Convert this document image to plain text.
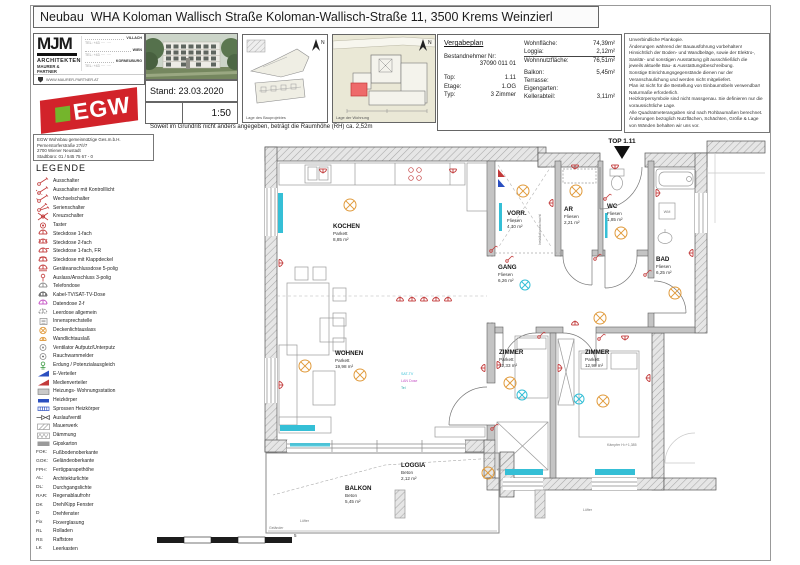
Neubau  WHA Koloman Wallisch Straße Koloman-Wallisch-Straße 11, 3500 Krems Weinzierl
MJM
ARCHITEKTEN
MAURER & PARTNER
VILLACH
TEL: +43 ···· ····
WIEN
TEL: +43 ···· ····
KORNEUBURG
TEL: +43 ···· ····
WWW.MAURER-PARTNER.AT
EGW
Stand: 23.03.2020
1:50
N
Lage des Bauprojektes
N
Lage der Wohnung
Vergabeplan
Bestandnehmer Nr:
37090 011 01
Top:	1.11
Etage:	1.OG
Typ:	3 Zimmer
Wohnfläche:	74,39m²
Loggia:	2,12m²
Wohnnutzfläche:	76,51m²
Balkon:	5,45m²
Terrasse:
Eigengarten:
Kellerabteil:	3,11m²
Unverbindliche Plankopie.
Änderungen während der Bauausführung vorbehalten!
Hinsichtlich der Boden- und Wandbeläge, sowie der Elektro-,
Sanitär- und sonstigen Ausstattung gilt ausschließlich die
jeweils aktuelle Bau- & Ausstattungsbeschreibung.
Sonstige Einrichtungsgegenstände dienen nur der
Veranschaulichung und werden nicht mitgeliefert.
Plan ist nicht für die Bestellung von Einbaumöbeln verwendbar!
Naturmaße erforderlich.
Heizkörpersymbole sind nicht massgenau. Sie definieren nur die
voraussichtliche Lage.
Alle Quadratmeterangaben sind nach Rohbaumaßen berechnet.
Änderungen bezüglich Nutzflächen, Schächten, Größe & Lage
von Wänden behalten wir uns vor.
Soweit im Grundriß nicht anders angegeben, beträgt die Raumhöhe (RH) ca. 2,52m
EGW Wohnbau gemeinnützige Ges.m.b.H.
Pernerstorferstraße 27/I/7
2700 Wiener Neustadt
Stadtbüro: 01 / 545 75 67 - 0
LEGENDE
Ausschalter
Ausschalter mit Kontrolllicht
Wechselschalter
Serienschalter
Kreuzschalter
Taster
Steckdose 1-fach
Steckdose 2-fach
Steckdose 1-fach, FR
Steckdose mit Klappdeckel
Geräteanschlussdose 5-polig
Auslass/Anschluss 3-polig
Telefondose
Kabel-TV/SAT-TV-Dose
Datendose 2-f
Leerdose allgemein
Innensprechstelle
Deckenlichtauslass
Wandlichtauslaß
Ventilator Aufputz/Unterputz
Rauchwarnmelder
Erdung / Potenzialausgleich
E-Verteiler
Medienverteiler
Heizungs- Wohnungsstation
Heizkörper
Sprossen Heizkörper
Auslaufventil
Mauerwerk
Dämmung
Gipskarton
FOK: Fußbodenoberkante
GOK: Geländeoberkante
FPH: Fertigparapethöhe
AL: Architekturlichte
DL: Durchgangslichte
RAR: Regenablaufrohr
DK Dreh/Kipp Fenster
D	Drehfenster
Fix Fixverglasung
RL Rolladen
RS Raffstore
LK Leerkasten
TOP 1.11
KOCHEN
Parkett
8,85 m²
VORR.
Fliesen
4,10 m²
AR
Fliesen
2,21 m²
WC
Fliesen
1,85 m²
BAD
Fliesen
6,25 m²
GANG
Fliesen
6,26 m²
WOHNEN
Parkett
19,98 m²
ZIMMER
Parkett
12,33 m²
ZIMMER
Parkett
12,98 m²
LOGGIA
Beton
2,12 m²
BALKON
Beton
5,45 m²
Geländer
Lüfter
Lüfter
Kämpfer H=+1,385
Installationsschacht
WM
SAT-TV
LAN Dose
Tel
5
